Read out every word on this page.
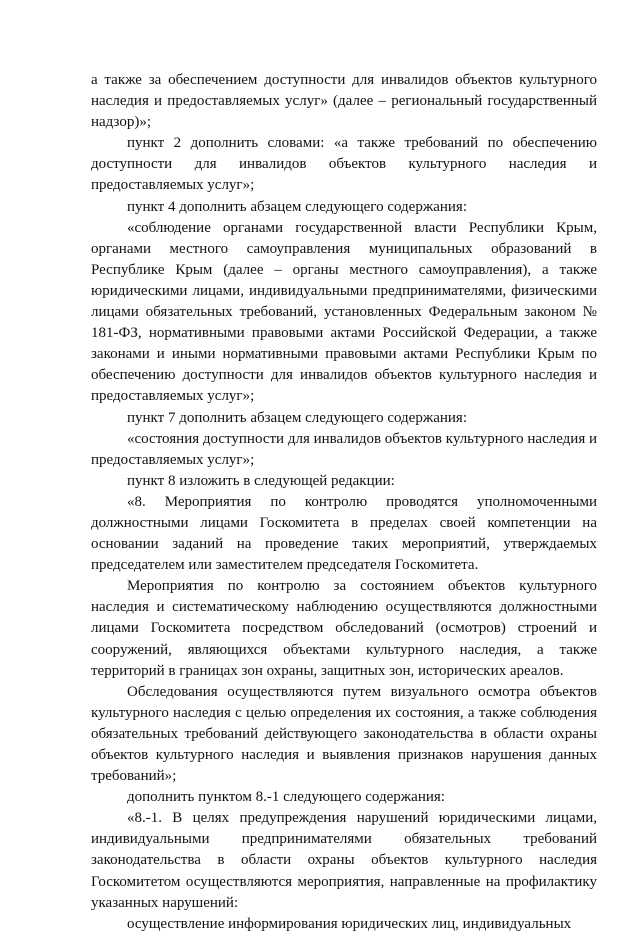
а также за обеспечением доступности для инвалидов объектов культурного наследия и предоставляемых услуг» (далее – региональный государственный надзор)»;

пункт 2 дополнить словами: «а также требований по обеспечению доступности для инвалидов объектов культурного наследия и предоставляемых услуг»;

пункт 4 дополнить абзацем следующего содержания:

«соблюдение органами государственной власти Республики Крым, органами местного самоуправления муниципальных образований в Республике Крым (далее – органы местного самоуправления), а также юридическими лицами, индивидуальными предпринимателями, физическими лицами обязательных требований, установленных Федеральным законом № 181-ФЗ, нормативными правовыми актами Российской Федерации, а также законами и иными нормативными правовыми актами Республики Крым по обеспечению доступности для инвалидов объектов культурного наследия и предоставляемых услуг»;

пункт 7 дополнить абзацем следующего содержания:

«состояния доступности для инвалидов объектов культурного наследия и предоставляемых услуг»;

пункт 8 изложить в следующей редакции:

«8. Мероприятия по контролю проводятся уполномоченными должностными лицами Госкомитета в пределах своей компетенции на основании заданий на проведение таких мероприятий, утверждаемых председателем или заместителем председателя Госкомитета.

Мероприятия по контролю за состоянием объектов культурного наследия и систематическому наблюдению осуществляются должностными лицами Госкомитета посредством обследований (осмотров) строений и сооружений, являющихся объектами культурного наследия, а также территорий в границах зон охраны, защитных зон, исторических ареалов.

Обследования осуществляются путем визуального осмотра объектов культурного наследия с целью определения их состояния, а также соблюдения обязательных требований действующего законодательства в области охраны объектов культурного наследия и выявления признаков нарушения данных требований»;

дополнить пунктом 8.-1 следующего содержания:

«8.-1. В целях предупреждения нарушений юридическими лицами, индивидуальными предпринимателями обязательных требований законодательства в области охраны объектов культурного наследия Госкомитетом осуществляются мероприятия, направленные на профилактику указанных нарушений:

осуществление информирования юридических лиц, индивидуальных
